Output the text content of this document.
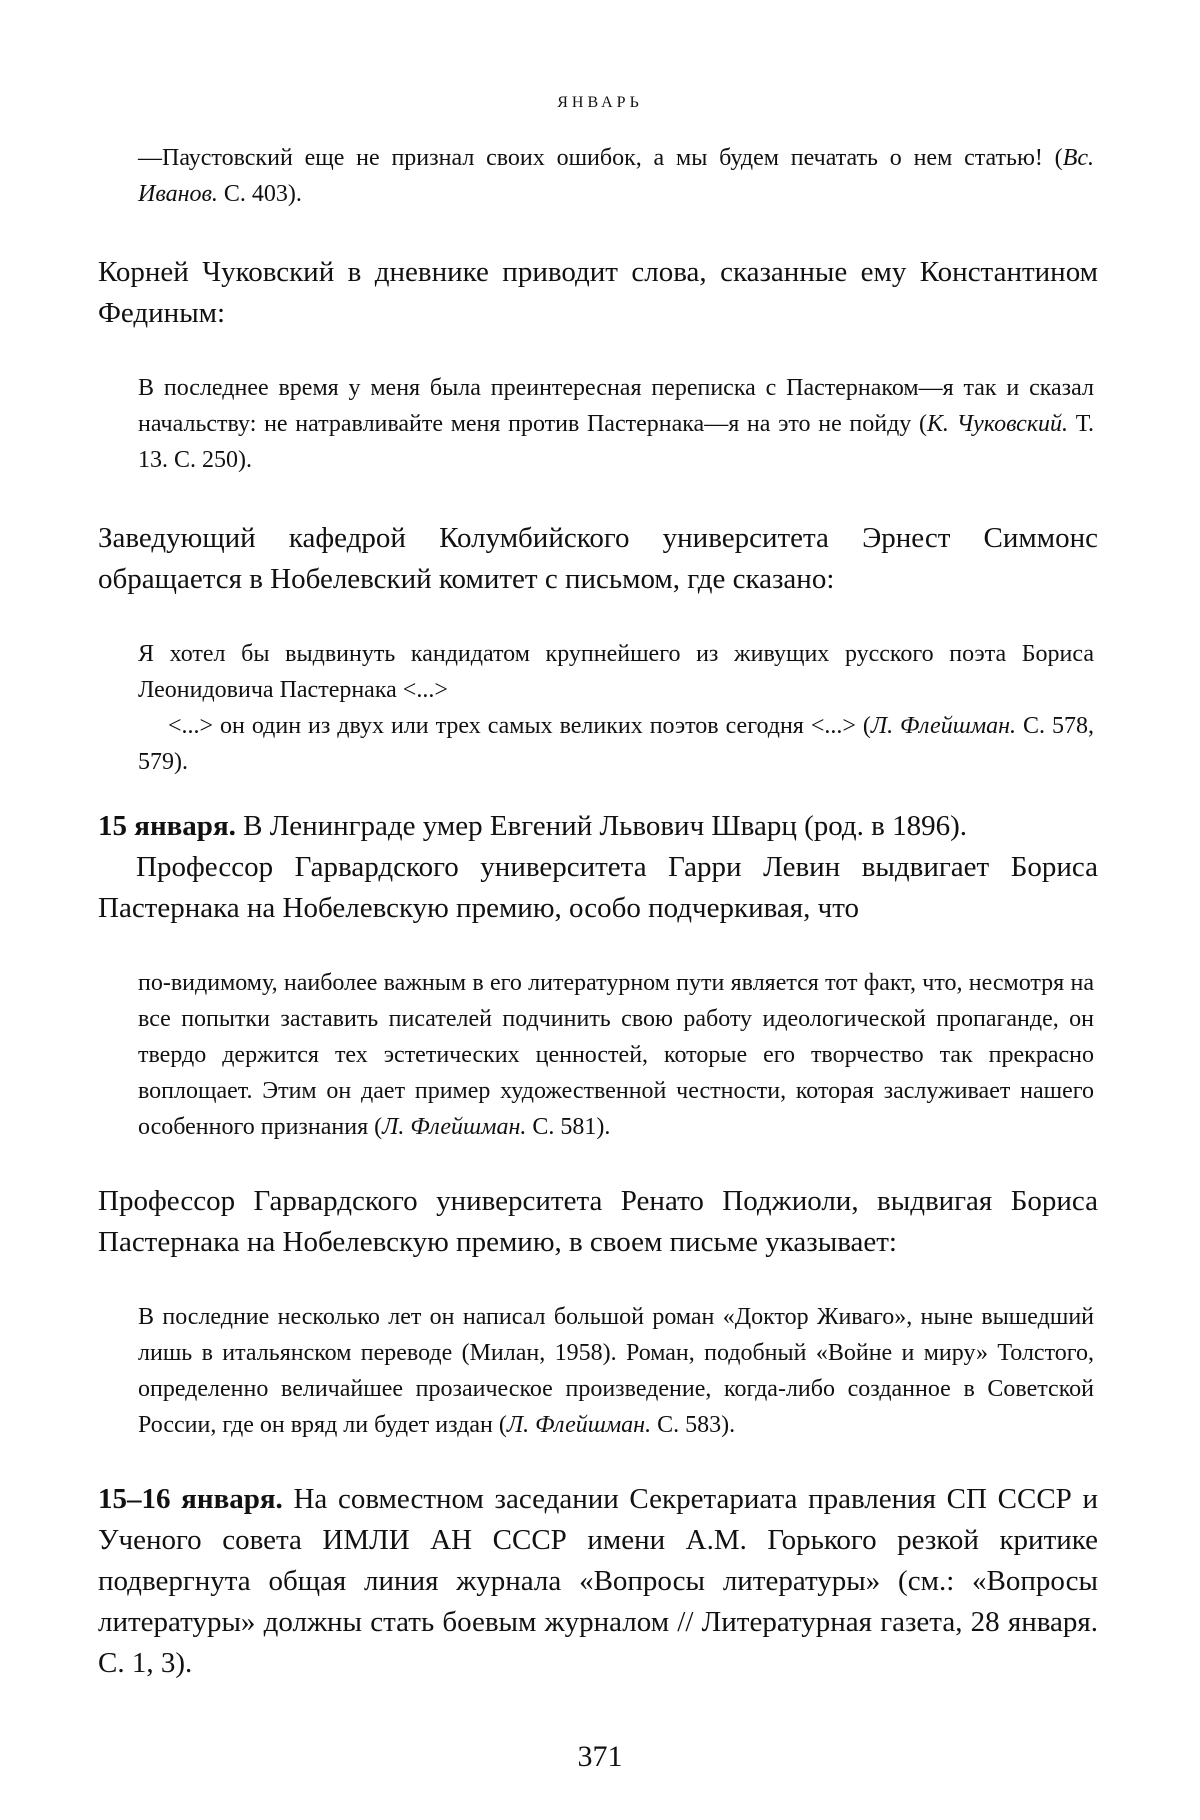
ЯНВАРЬ
—Паустовский еще не признал своих ошибок, а мы будем печатать о нем статью! (Вс. Иванов. С. 403).
Корней Чуковский в дневнике приводит слова, сказанные ему Константином Фединым:
В последнее время у меня была преинтересная переписка с Пастернаком—я так и сказал начальству: не натравливайте меня против Пастернака—я на это не пойду (К. Чуковский. Т. 13. С. 250).
Заведующий кафедрой Колумбийского университета Эрнест Симмонс обращается в Нобелевский комитет с письмом, где сказано:
Я хотел бы выдвинуть кандидатом крупнейшего из живущих русского поэта Бориса Леонидовича Пастернака <...>
<...> он один из двух или трех самых великих поэтов сегодня <...> (Л. Флейшман. С. 578, 579).
15 января. В Ленинграде умер Евгений Львович Шварц (род. в 1896).
Профессор Гарвардского университета Гарри Левин выдвигает Бориса Пастернака на Нобелевскую премию, особо подчеркивая, что
по-видимому, наиболее важным в его литературном пути является тот факт, что, несмотря на все попытки заставить писателей подчинить свою работу идеологической пропаганде, он твердо держится тех эстетических ценностей, которые его творчество так прекрасно воплощает. Этим он дает пример художественной честности, которая заслуживает нашего особенного признания (Л. Флейшман. С. 581).
Профессор Гарвардского университета Ренато Поджиоли, выдвигая Бориса Пастернака на Нобелевскую премию, в своем письме указывает:
В последние несколько лет он написал большой роман «Доктор Живаго», ныне вышедший лишь в итальянском переводе (Милан, 1958). Роман, подобный «Войне и миру» Толстого, определенно величайшее прозаическое произведение, когда-либо созданное в Советской России, где он вряд ли будет издан (Л. Флейшман. С. 583).
15–16 января. На совместном заседании Секретариата правления СП СССР и Ученого совета ИМЛИ АН СССР имени А.М. Горького резкой критике подвергнута общая линия журнала «Вопросы литературы» (см.: «Вопросы литературы» должны стать боевым журналом // Литературная газета, 28 января. С. 1, 3).
371
